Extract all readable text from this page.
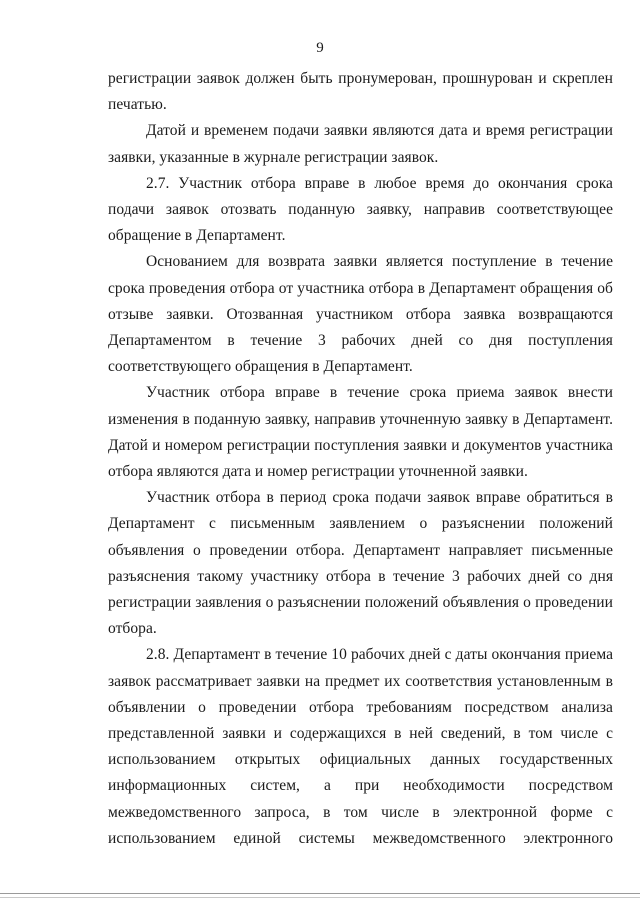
9

регистрации заявок должен быть пронумерован, прошнурован и скреплен печатью.

Датой и временем подачи заявки являются дата и время регистрации заявки, указанные в журнале регистрации заявок.

2.7. Участник отбора вправе в любое время до окончания срока подачи заявок отозвать поданную заявку, направив соответствующее обращение в Департамент.

Основанием для возврата заявки является поступление в течение срока проведения отбора от участника отбора в Департамент обращения об отзыве заявки. Отозванная участником отбора заявка возвращаются Департаментом в течение 3 рабочих дней со дня поступления соответствующего обращения в Департамент.

Участник отбора вправе в течение срока приема заявок внести изменения в поданную заявку, направив уточненную заявку в Департамент. Датой и номером регистрации поступления заявки и документов участника отбора являются дата и номер регистрации уточненной заявки.

Участник отбора в период срока подачи заявок вправе обратиться в Департамент с письменным заявлением о разъяснении положений объявления о проведении отбора. Департамент направляет письменные разъяснения такому участнику отбора в течение 3 рабочих дней со дня регистрации заявления о разъяснении положений объявления о проведении отбора.

2.8. Департамент в течение 10 рабочих дней с даты окончания приема заявок рассматривает заявки на предмет их соответствия установленным в объявлении о проведении отбора требованиям посредством анализа представленной заявки и содержащихся в ней сведений, в том числе с использованием открытых официальных данных государственных информационных систем, а при необходимости посредством межведомственного запроса, в том числе в электронной форме с использованием единой системы межведомственного электронного
